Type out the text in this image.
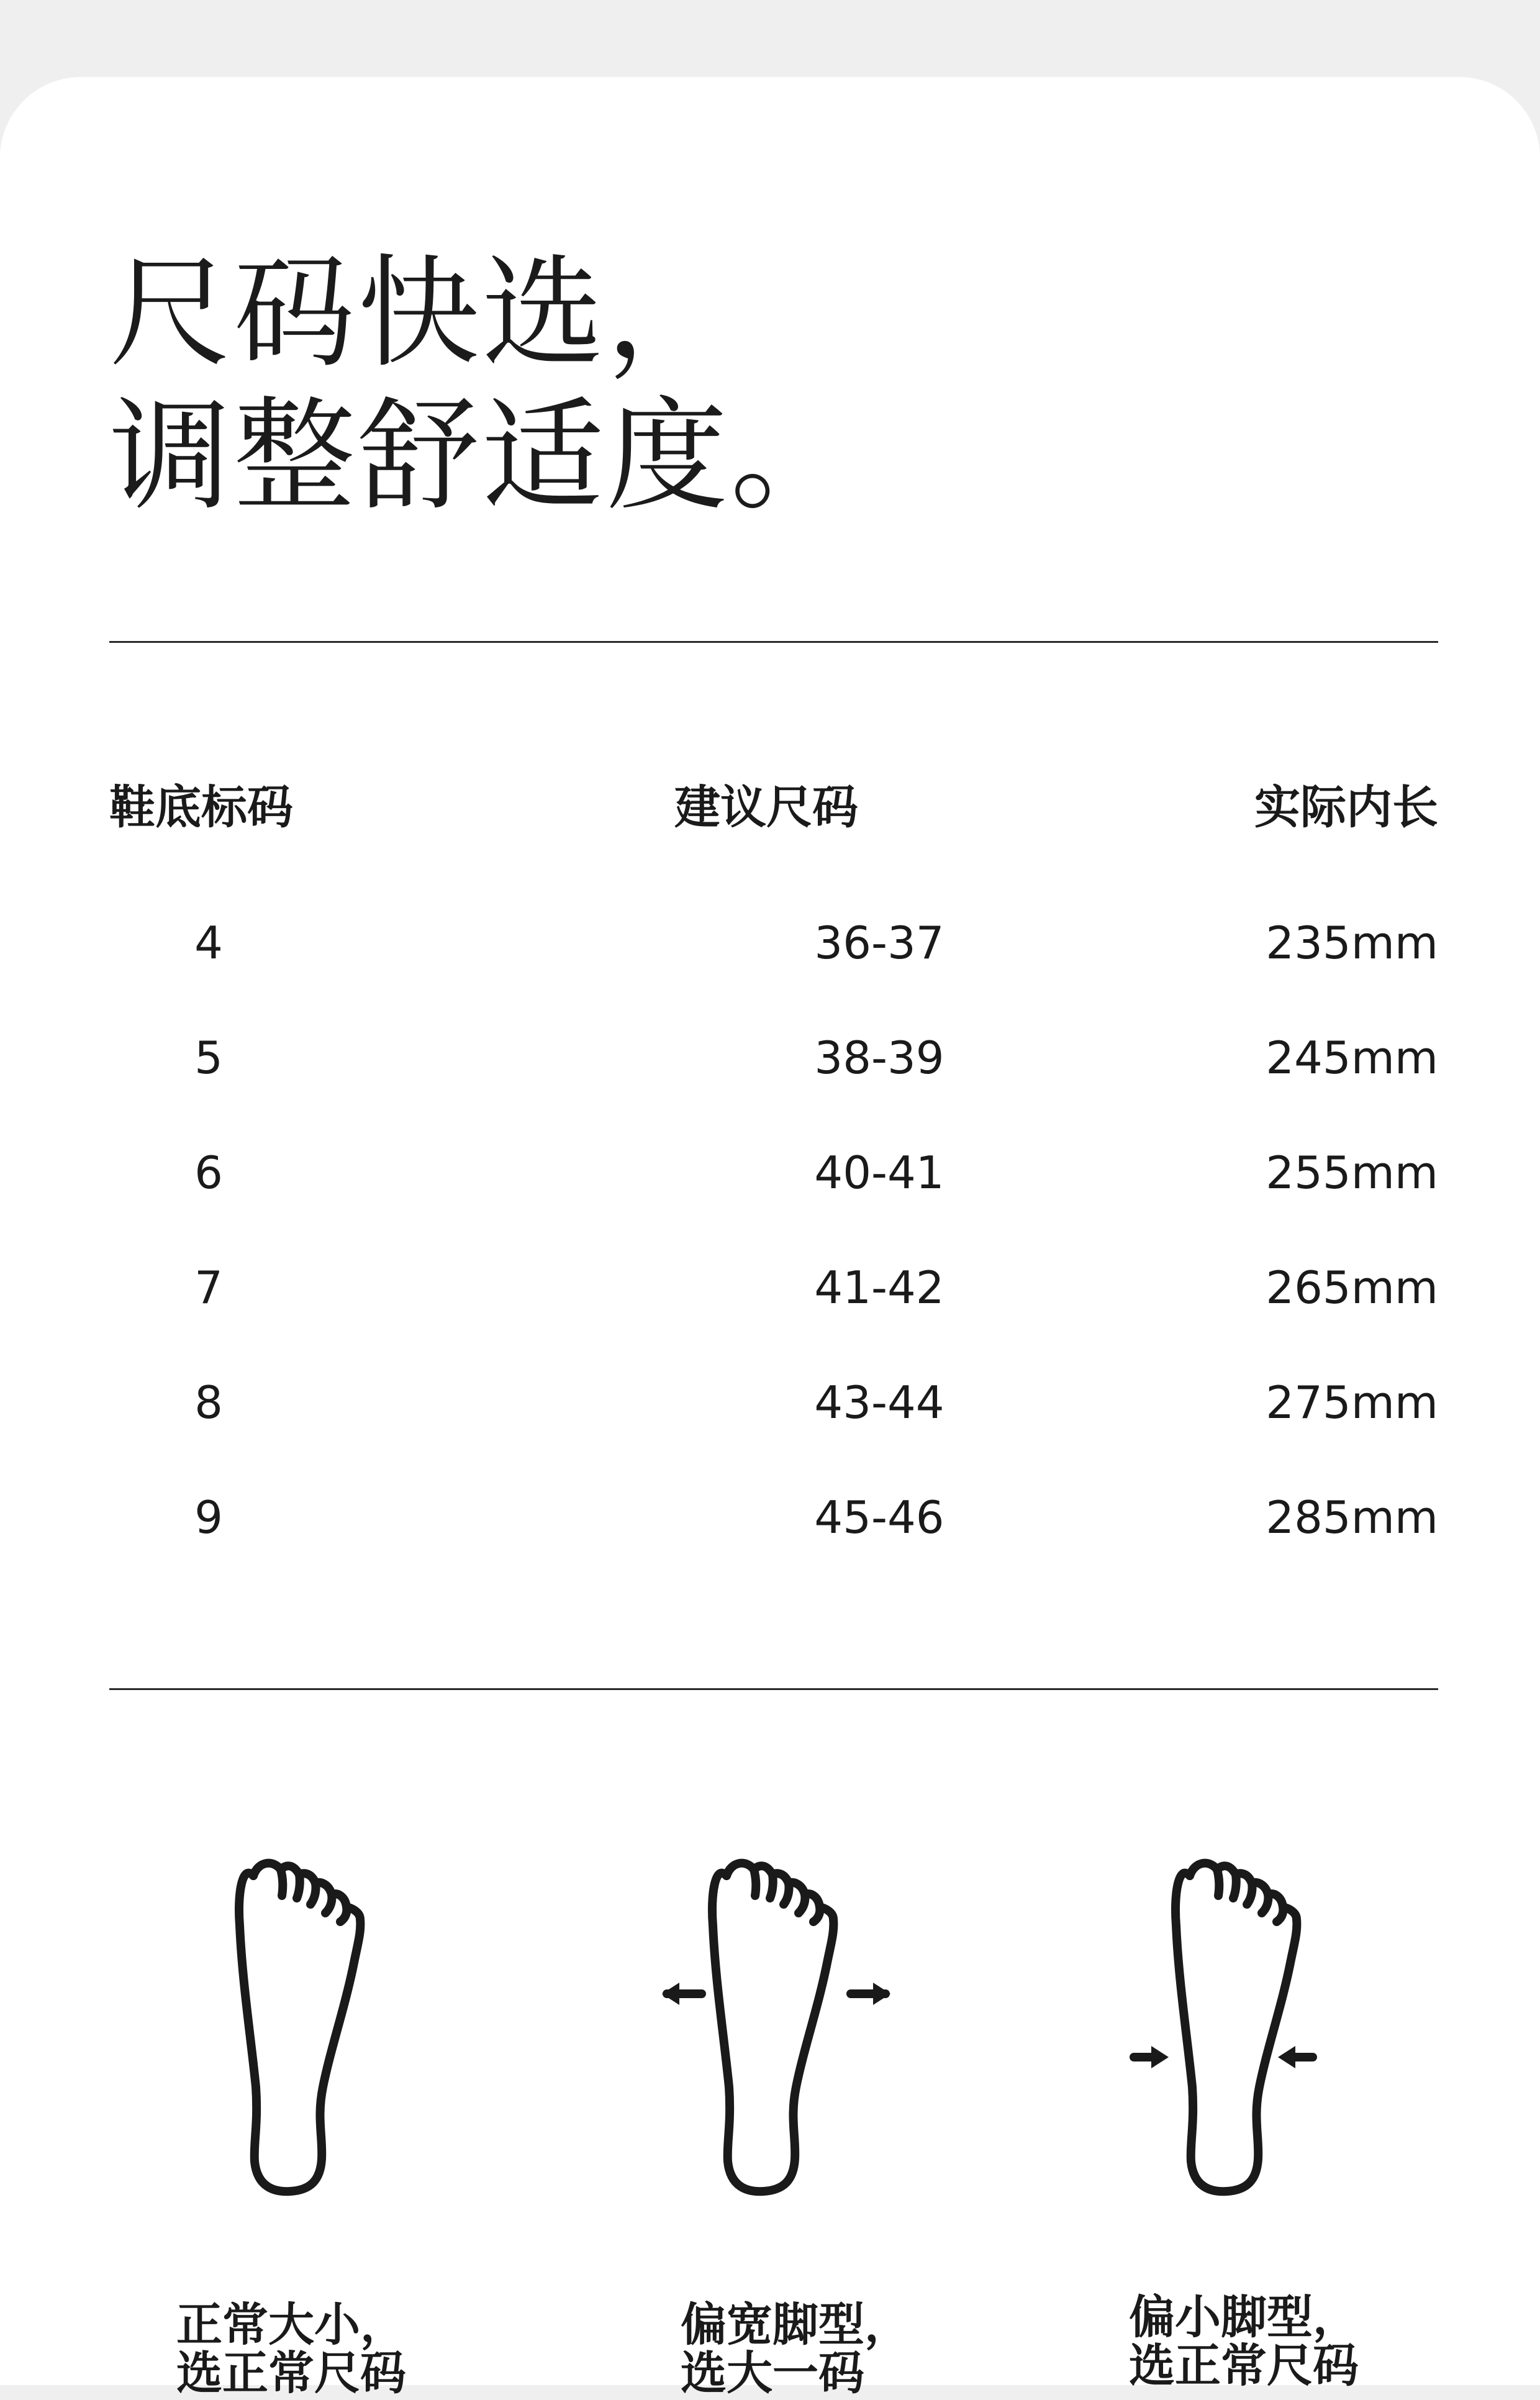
尺码快选，
调整舒适度。
鞋底标码	建议尺码	实际内长
4	36-37	235mm
5	38-39	245mm
6	40-41	255mm
7	41-42	265mm
8	43-44	275mm
9	45-46	285mm
正常大小，
选正常尺码
偏宽脚型，
选大一码
偏小脚型，
选正常尺码
